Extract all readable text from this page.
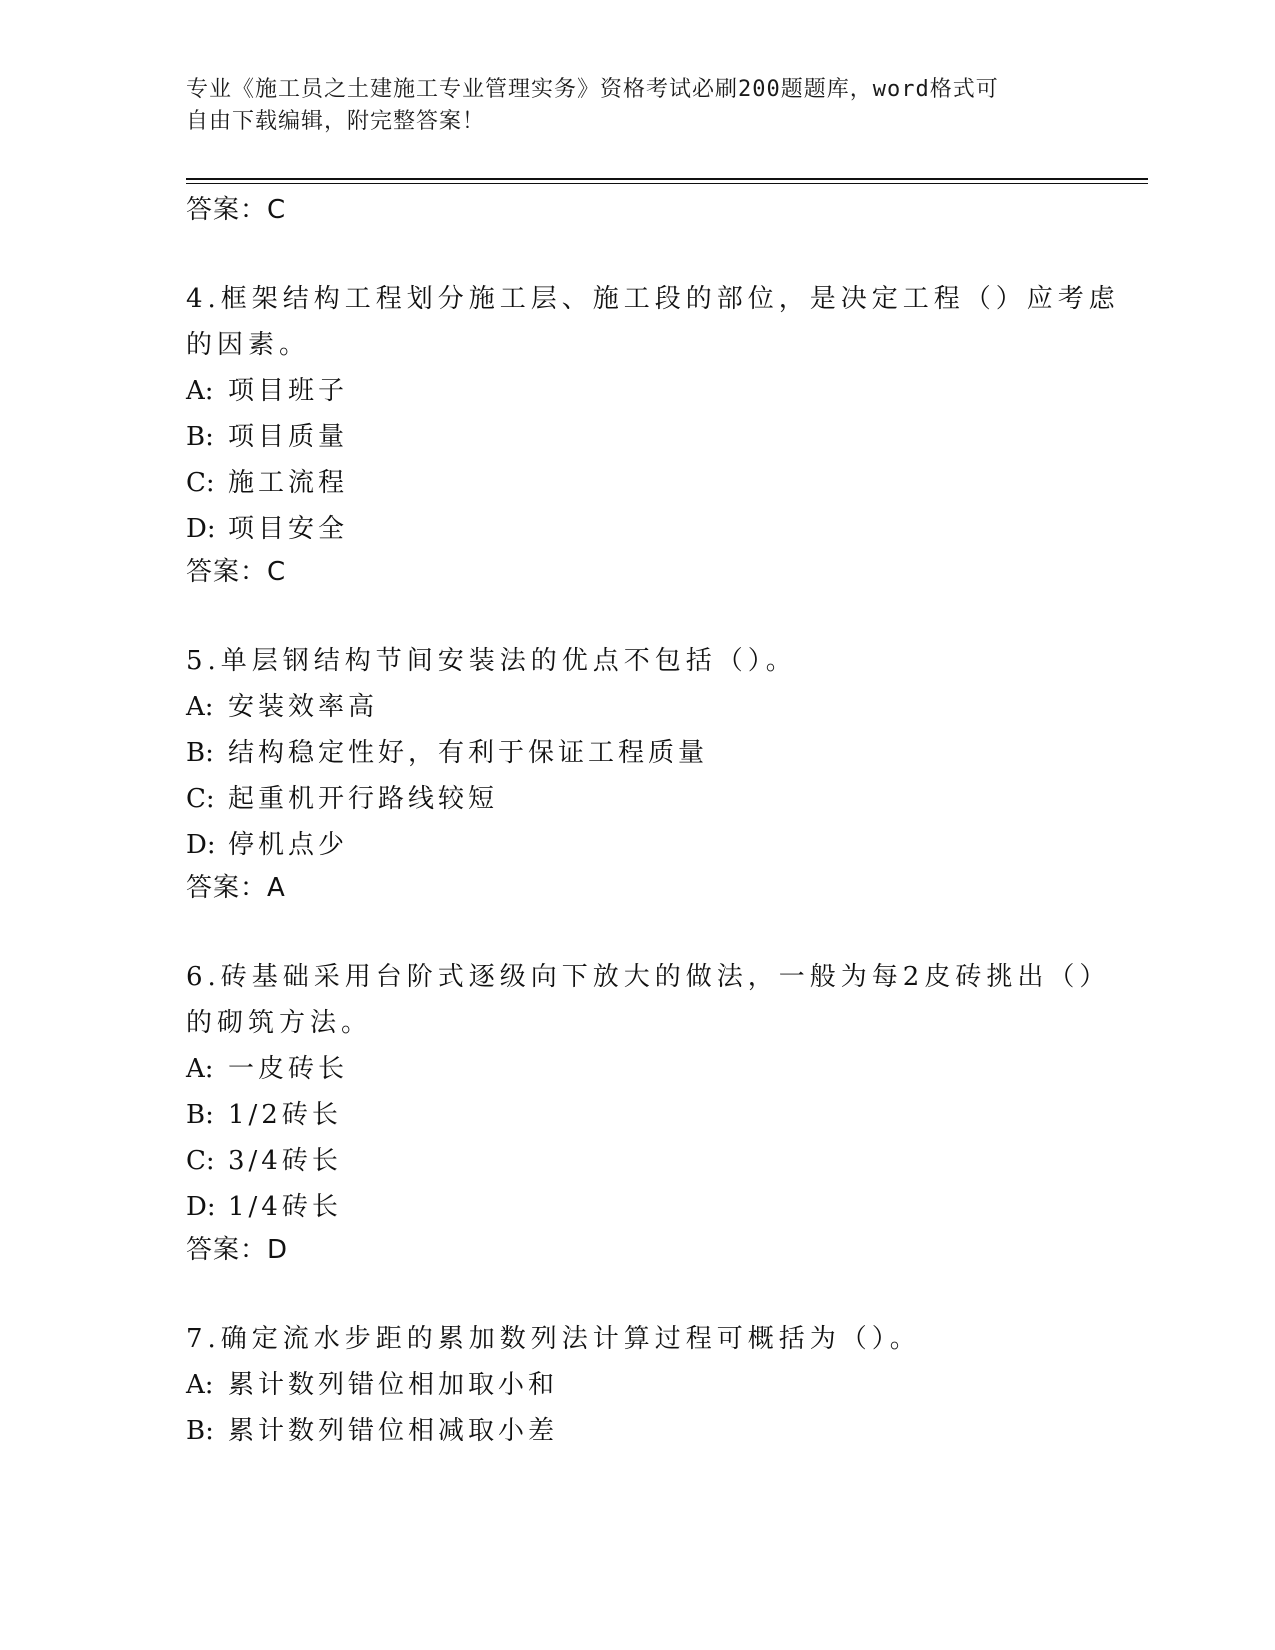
专业《施工员之土建施工专业管理实务》资格考试必刷200题题库，word格式可
自由下载编辑，附完整答案！
答案：C
4.框架结构工程划分施工层、施工段的部位，是决定工程（）应考虑
的因素。
A: 项目班子
B: 项目质量
C: 施工流程
D: 项目安全
答案：C
5.单层钢结构节间安装法的优点不包括（）。
A: 安装效率高
B: 结构稳定性好，有利于保证工程质量
C: 起重机开行路线较短
D: 停机点少
答案：A
6.砖基础采用台阶式逐级向下放大的做法，一般为每2皮砖挑出（）
的砌筑方法。
A: 一皮砖长
B: 1/2砖长
C: 3/4砖长
D: 1/4砖长
答案：D
7.确定流水步距的累加数列法计算过程可概括为（）。
A: 累计数列错位相加取小和
B: 累计数列错位相减取小差
